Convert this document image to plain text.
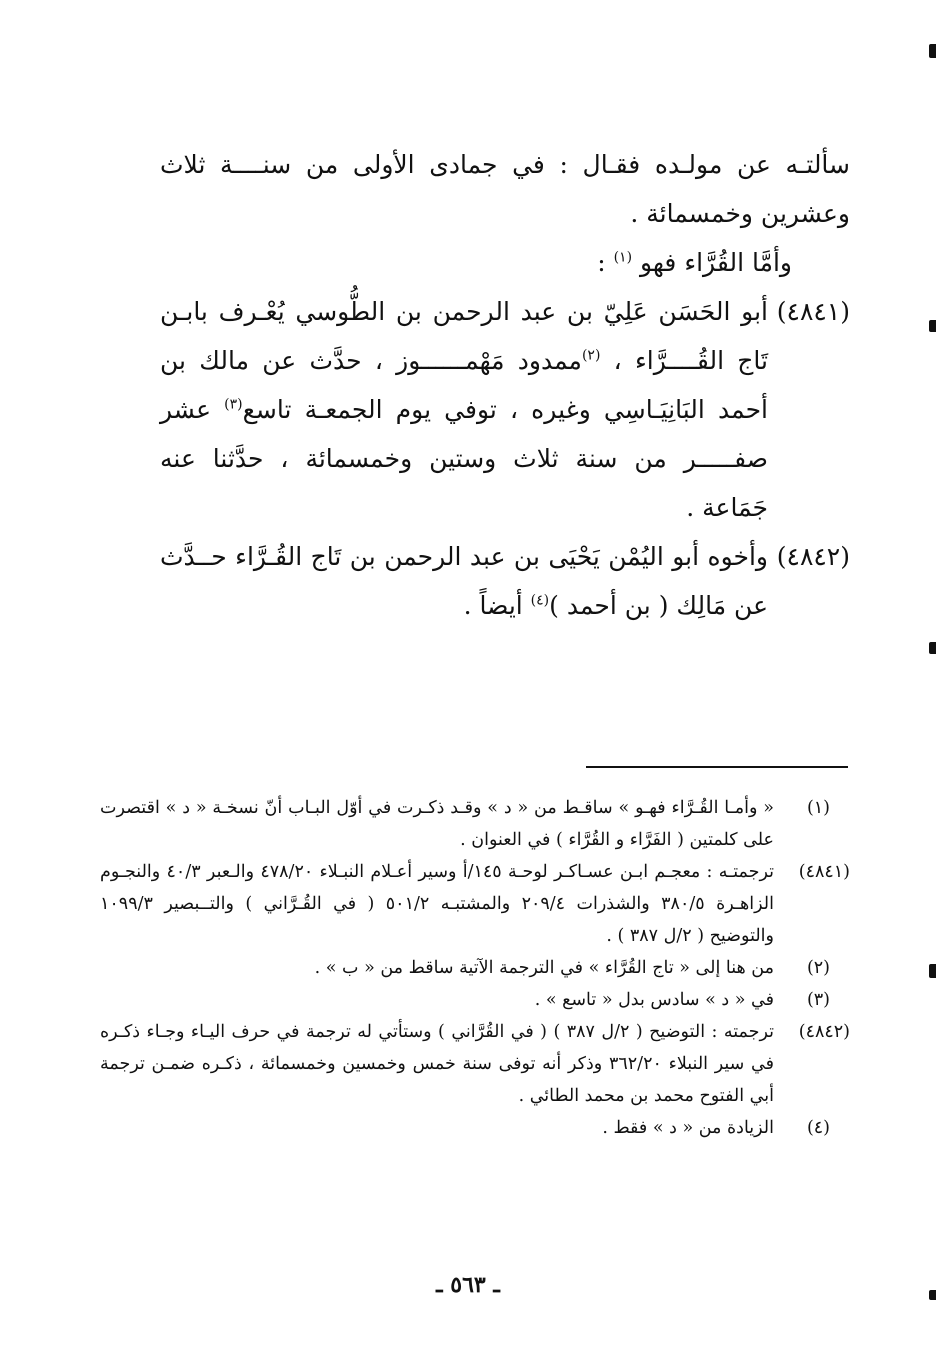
سألتـه عن مولـده فقـال : في جمادى الأولى من سنــــة ثلاث وعشرين وخمسمائة .

وأمَّا القُرَّاء فهو $^{(١)}$ :

(٤٨٤١)
أبو الحَسَن عَلِيّ بن عبد الرحمن بن الطُّوسي يُعْـرف بابـن تَاج القُــــرَّاء ، $^{(٢)}$ممدود مَهْمــــــوز ، حدَّث عن مالك بن أحمد البَانِيَـاسِي وغيره ، توفي يوم الجمعـة تاسع$^{(٣)}$ عشر صفـــــر من سنة ثلاث وستين وخمسمائة ، حدَّثنا عنه جَمَاعة .
(٤٨٤٢)
وأخوه أبو اليُمْن يَحْيَى بن عبد الرحمن بن تَاج القُـرَّاء حــدَّث عن مَالِك ( بن أحمد )$^{(٤)}$ أيضاً .
(١)
« وأمـا القُـرَّاء فهـو » ساقـط من « د » وقـد ذكـرت في أوّل البـاب أنّ نسخـة « د » اقتصرت على كلمتين ( الفَرَّاء و القُرَّاء ) في العنوان .
(٤٨٤١)
ترجمتـه : معجـم ابـن عسـاكـر لوحـة ١٤٥/أ وسير أعـلام النبـلاء ٤٧٨/٢٠ والـعبر ٤٠/٣ والنجـوم الزاهـرة ٣٨٠/٥ والشذرات ٢٠٩/٤ والمشتبـه ٥٠١/٢ ( في القُـرَّاني ) والتــبصير ١٠٩٩/٣ والتوضيح ( ٢/ل ٣٨٧ ) .
(٢)
من هنا إلى « تاج القُرَّاء » في الترجمة الآتية ساقط من « ب » .
(٣)
في « د » سادس بدل « تاسع » .
(٤٨٤٢)
ترجمته : التوضيح ( ٢/ل ٣٨٧ ) ( في القُرَّاني ) وستأتي له ترجمة في حرف اليـاء وجـاء ذكـره في سير النبلاء ٣٦٢/٢٠ وذكر أنه توفى سنة خمس وخمسين وخمسمائة ، ذكـره ضمـن ترجمة أبي الفتوح محمد بن محمد الطائي .
(٤)
الزيادة من « د » فقط .
ـ ٥٦٣ ـ
